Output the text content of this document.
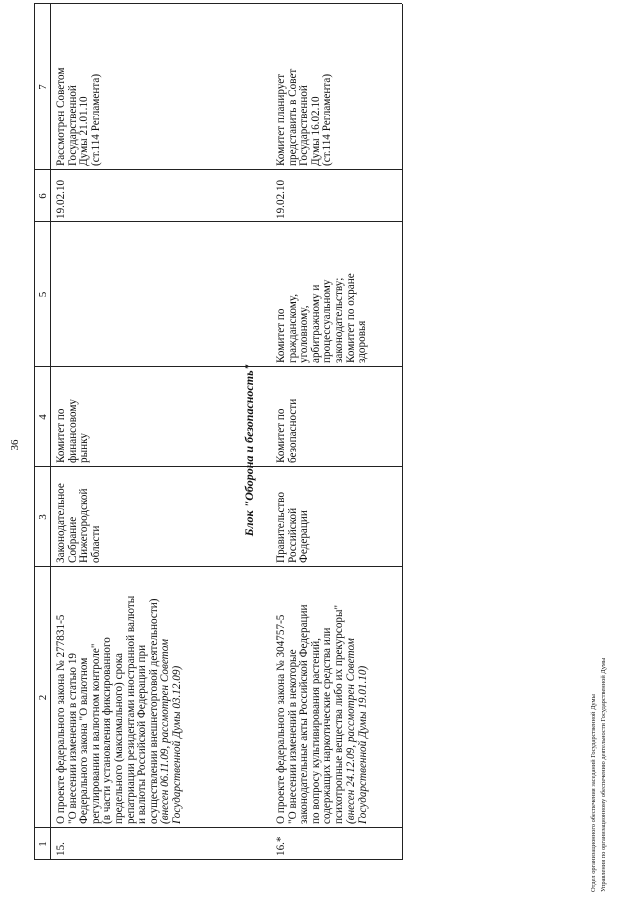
36
1
2
3
4
5
6
7
15.
О проекте федерального закона № 277831-5
"О внесении изменения в статью 19
Федерального закона "О валютном
регулировании и валютном контроле"
(в части установления фиксированного
предельного (максимального) срока
репатриации резидентами иностранной валюты
и валюты Российской Федерации при
осуществлении внешнеторговой деятельности)
(внесен 06.11.09, рассмотрен Советом
Государственной Думы 03.12.09)
Законодательное
Собрание
Нижегородской
области
Комитет по
финансовому
рынку
19.02.10
Рассмотрен Советом
Государственной
Думы 21.01.10
(ст.114 Регламента)
Блок "Оборона и безопасность"
16.*
О проекте федерального закона № 304757-5
"О внесении изменений в некоторые
законодательные акты Российской Федерации
по вопросу культивирования растений,
содержащих наркотические средства или
психотропные вещества либо их прекурсоры"
(внесен 24.12.09, рассмотрен Советом
Государственной Думы 19.01.10)
Правительство
Российской
Федерации
Комитет по
безопасности
Комитет по
гражданскому,
уголовному,
арбитражному и
процессуальному
законодательству;
Комитет по охране
здоровья
19.02.10
Комитет планирует
представить в Совет
Государственной
Думы 16.02.10
(ст.114 Регламента)
Отдел организационного обеспечения заседаний Государственной Думы Управления по организационному обеспечению деятельности Государственной Думы
